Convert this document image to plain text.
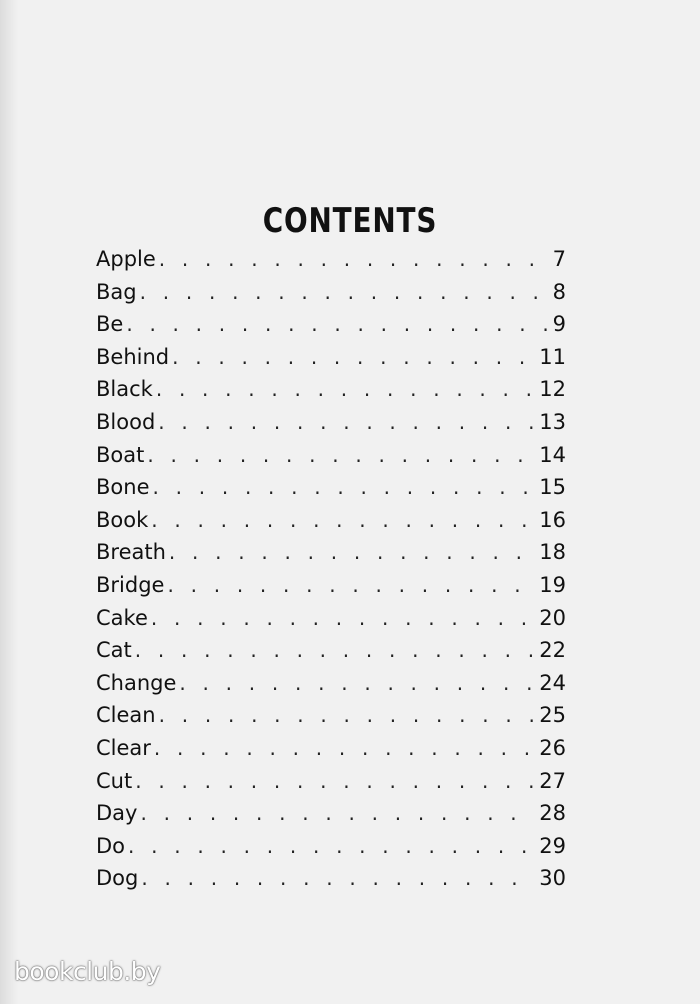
CONTENTS
Apple . . .	7
Bag . . .	8
Be . . .	9
Behind . . .	11
Black . . .	12
Blood . . .	13
Boat . . .	14
Bone . . .	15
Book . . .	16
Breath . . .	18
Bridge . . .	19
Cake . . .	20
Cat . . .	22
Change . . .	24
Clean . . .	25
Clear . . .	26
Cut . . .	27
Day . . .	28
Do . . .	29
Dog . . .	30
bookclub.by
